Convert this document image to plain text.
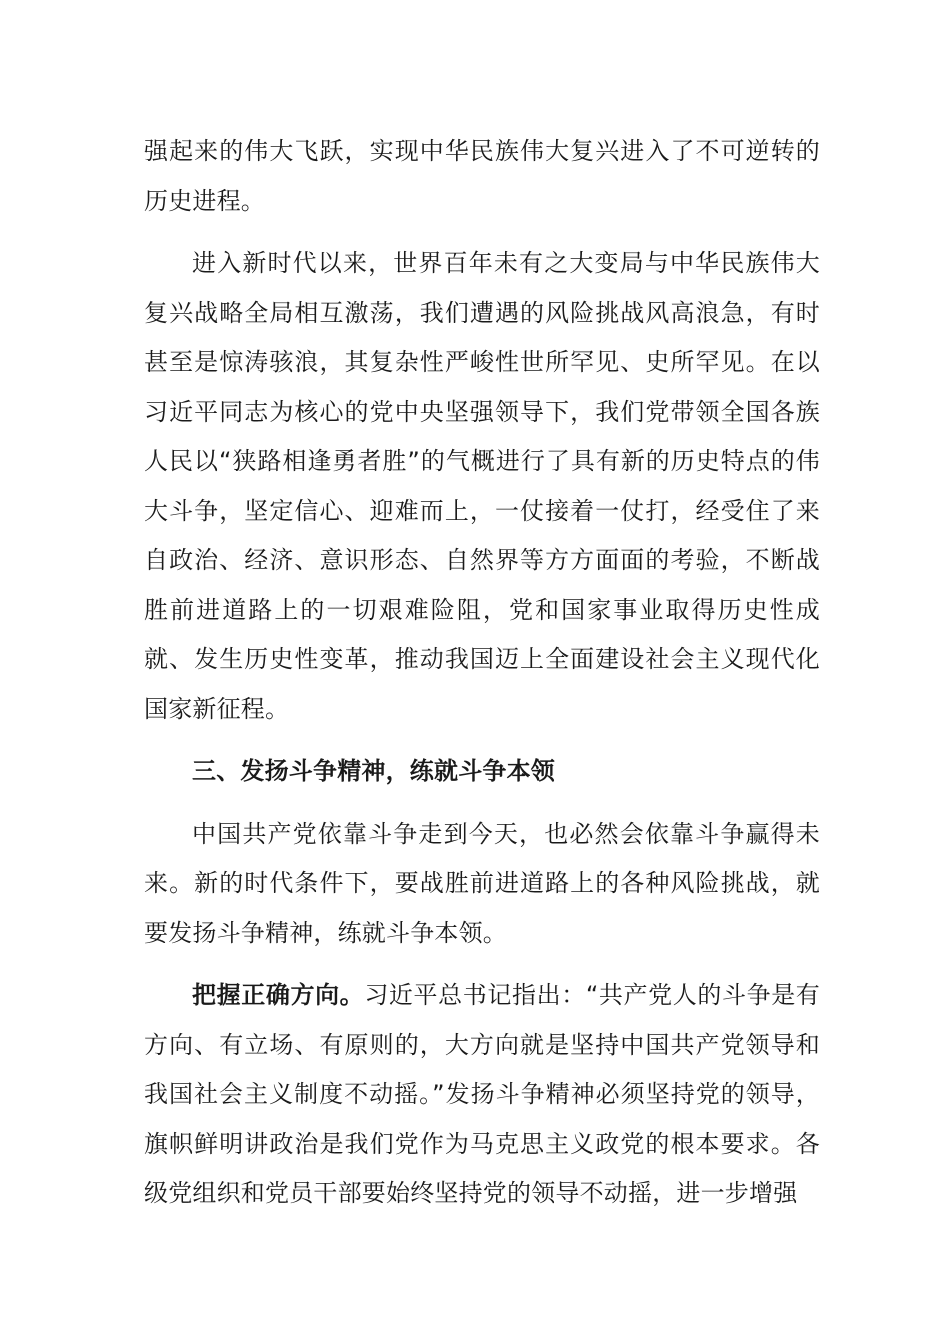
强起来的伟大飞跃，实现中华民族伟大复兴进入了不可逆转的历史进程。

进入新时代以来，世界百年未有之大变局与中华民族伟大复兴战略全局相互激荡，我们遭遇的风险挑战风高浪急，有时甚至是惊涛骇浪，其复杂性严峻性世所罕见、史所罕见。在以习近平同志为核心的党中央坚强领导下，我们党带领全国各族人民以“狭路相逢勇者胜”的气概进行了具有新的历史特点的伟大斗争，坚定信心、迎难而上，一仗接着一仗打，经受住了来自政治、经济、意识形态、自然界等方方面面的考验，不断战胜前进道路上的一切艰难险阻，党和国家事业取得历史性成就、发生历史性变革，推动我国迈上全面建设社会主义现代化国家新征程。

三、发扬斗争精神，练就斗争本领

中国共产党依靠斗争走到今天，也必然会依靠斗争赢得未来。新的时代条件下，要战胜前进道路上的各种风险挑战，就要发扬斗争精神，练就斗争本领。

把握正确方向。习近平总书记指出：“共产党人的斗争是有方向、有立场、有原则的，大方向就是坚持中国共产党领导和我国社会主义制度不动摇。”发扬斗争精神必须坚持党的领导，旗帜鲜明讲政治是我们党作为马克思主义政党的根本要求。各级党组织和党员干部要始终坚持党的领导不动摇，进一步增强
